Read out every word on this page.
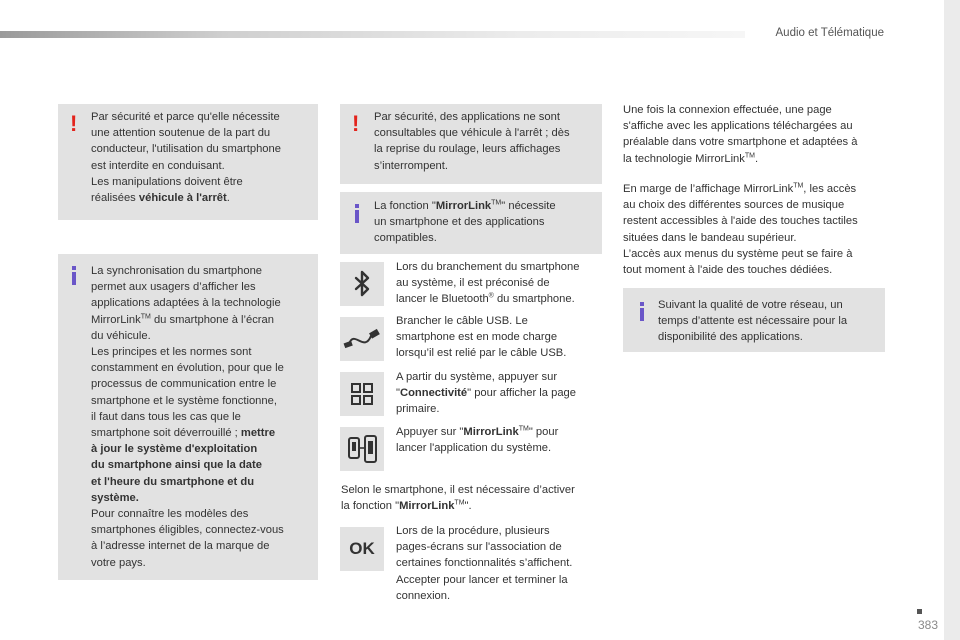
Audio et Télématique
! Par sécurité et parce qu'elle nécessite
une attention soutenue de la part du
conducteur, l'utilisation du smartphone
est interdite en conduisant.
Les manipulations doivent être
réalisées véhicule à l'arrêt.
La synchronisation du smartphone
permet aux usagers d’afficher les
applications adaptées à la technologie
MirrorLink™ du smartphone à l’écran
du véhicule.
Les principes et les normes sont
constamment en évolution, pour que le
processus de communication entre le
smartphone et le système fonctionne,
il faut dans tous les cas que le
smartphone soit déverrouillé ; mettre
à jour le système d'exploitation
du smartphone ainsi que la date
et l'heure du smartphone et du
système.
Pour connaître les modèles des
smartphones éligibles, connectez-vous
à l’adresse internet de la marque de
votre pays.
! Par sécurité, des applications ne sont
consultables que véhicule à l'arrêt ; dès
la reprise du roulage, leurs affichages
s’interrompent.
La fonction "MirrorLink™" nécessite
un smartphone et des applications
compatibles.
Lors du branchement du smartphone
au système, il est préconisé de
lancer le Bluetooth® du smartphone.
Brancher le câble USB. Le
smartphone est en mode charge
lorsqu’il est relié par le câble USB.
A partir du système, appuyer sur
"Connectivité" pour afficher la page
primaire.
Appuyer sur "MirrorLink™" pour
lancer l'application du système.
Selon le smartphone, il est nécessaire d’activer
la fonction "MirrorLink™".
OK
Lors de la procédure, plusieurs
pages-écrans sur l'association de
certaines fonctionnalités s’affichent.
Accepter pour lancer et terminer la
connexion.
Une fois la connexion effectuée, une page
s'affiche avec les applications téléchargées au
préalable dans votre smartphone et adaptées à
la technologie MirrorLink™.
En marge de l’affichage MirrorLink™, les accès
au choix des différentes sources de musique
restent accessibles à l'aide des touches tactiles
situées dans le bandeau supérieur.
L’accès aux menus du système peut se faire à
tout moment à l'aide des touches dédiées.
Suivant la qualité de votre réseau, un
temps d’attente est nécessaire pour la
disponibilité des applications.
383
